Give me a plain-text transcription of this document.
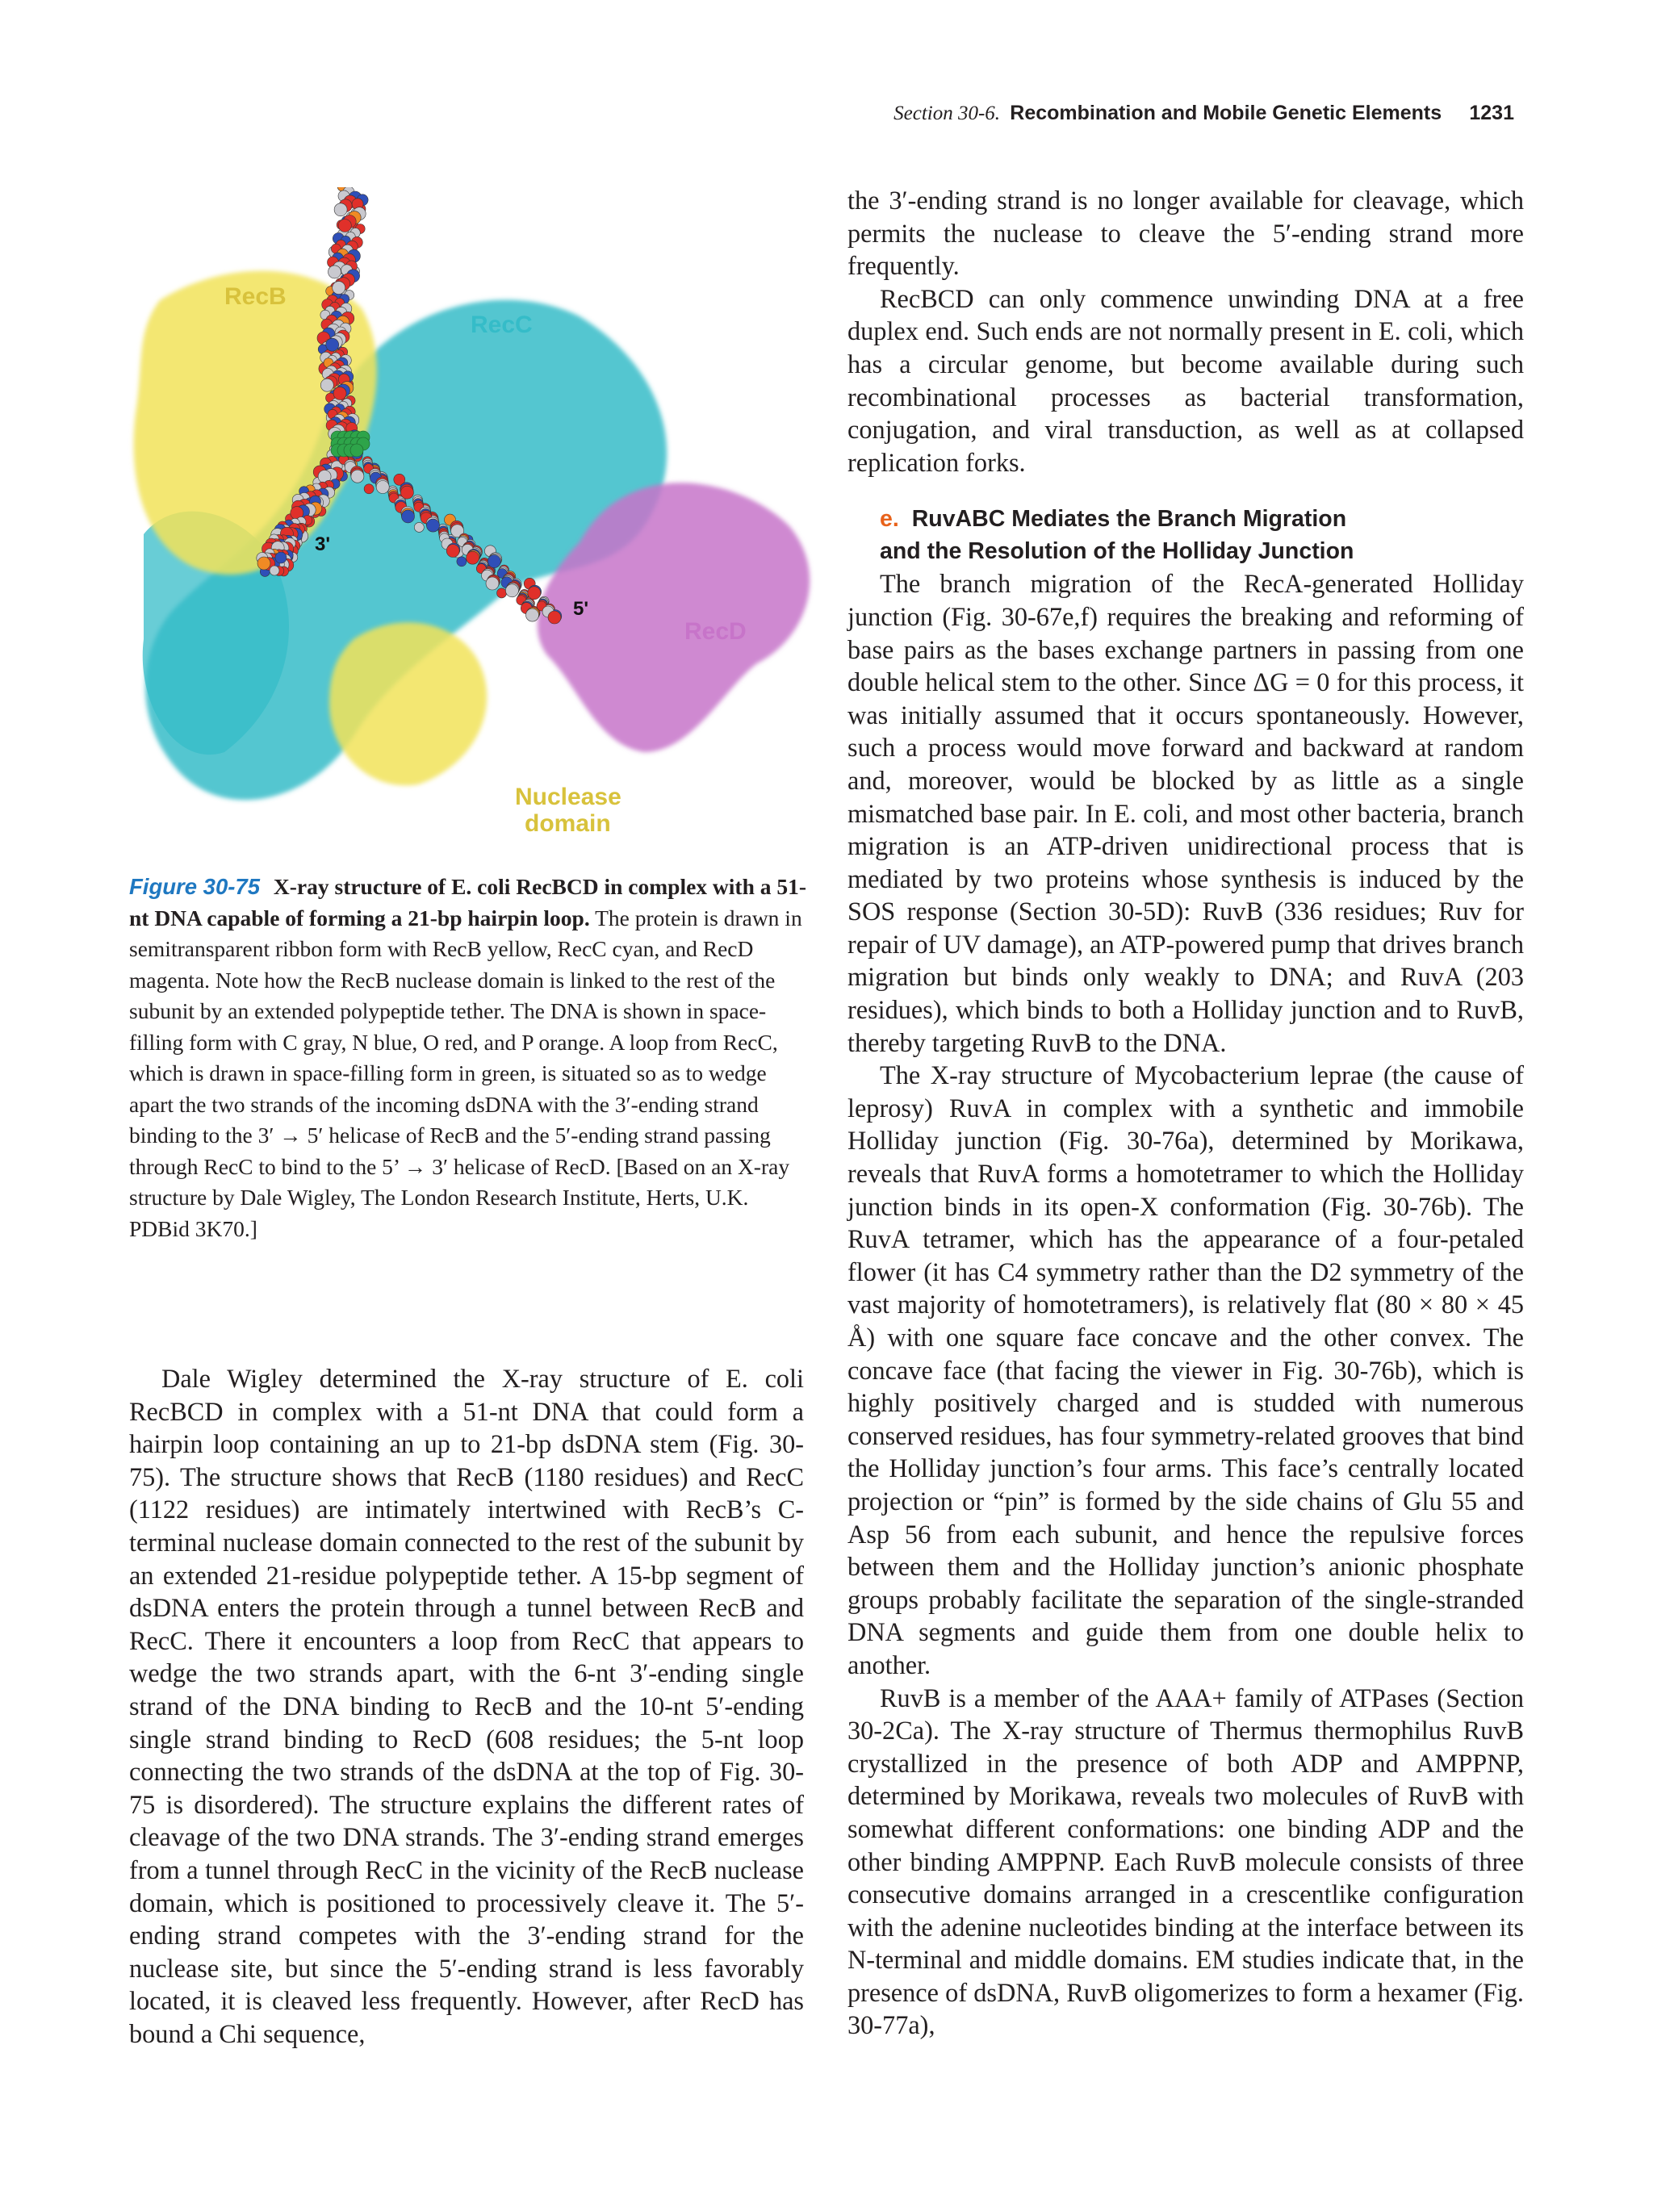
Section 30-6. Recombination and Mobile Genetic Elements 1231
RecB
RecC
RecD
Nuclease
domain
3'
5'

Figure 30-75 X-ray structure of E. coli RecBCD in complex with a 51-nt DNA capable of forming a 21-bp hairpin loop. The protein is drawn in semitransparent ribbon form with RecB yellow, RecC cyan, and RecD magenta. Note how the RecB nuclease domain is linked to the rest of the subunit by an extended polypeptide tether. The DNA is shown in space-filling form with C gray, N blue, O red, and P orange. A loop from RecC, which is drawn in space-filling form in green, is situated so as to wedge apart the two strands of the incoming dsDNA with the 3′-ending strand binding to the 3′ → 5′ helicase of RecB and the 5′-ending strand passing through RecC to bind to the 5’ → 3′ helicase of RecD. [Based on an X-ray structure by Dale Wigley, The London Research Institute, Herts, U.K. PDBid 3K70.]

Dale Wigley determined the X-ray structure of E. coli RecBCD in complex with a 51-nt DNA that could form a hairpin loop containing an up to 21-bp dsDNA stem (Fig. 30-75). The structure shows that RecB (1180 residues) and RecC (1122 residues) are intimately intertwined with RecB’s C-terminal nuclease domain connected to the rest of the subunit by an extended 21-residue polypeptide tether. A 15-bp segment of dsDNA enters the protein through a tunnel between RecB and RecC. There it encounters a loop from RecC that appears to wedge the two strands apart, with the 6-nt 3′-ending single strand of the DNA binding to RecB and the 10-nt 5′-ending single strand binding to RecD (608 residues; the 5-nt loop connecting the two strands of the dsDNA at the top of Fig. 30-75 is disordered). The structure explains the different rates of cleavage of the two DNA strands. The 3′-ending strand emerges from a tunnel through RecC in the vicinity of the RecB nuclease domain, which is positioned to processively cleave it. The 5′-ending strand competes with the 3′-ending strand for the nuclease site, but since the 5′-ending strand is less favorably located, it is cleaved less frequently. However, after RecD has bound a Chi sequence,

the 3′-ending strand is no longer available for cleavage, which permits the nuclease to cleave the 5′-ending strand more frequently.

RecBCD can only commence unwinding DNA at a free duplex end. Such ends are not normally present in E. coli, which has a circular genome, but become available during such recombinational processes as bacterial transformation, conjugation, and viral transduction, as well as at collapsed replication forks.

e. RuvABC Mediates the Branch Migration
and the Resolution of the Holliday Junction

The branch migration of the RecA-generated Holliday junction (Fig. 30-67e,f) requires the breaking and reforming of base pairs as the bases exchange partners in passing from one double helical stem to the other. Since ΔG = 0 for this process, it was initially assumed that it occurs spontaneously. However, such a process would move forward and backward at random and, moreover, would be blocked by as little as a single mismatched base pair. In E. coli, and most other bacteria, branch migration is an ATP-driven unidirectional process that is mediated by two proteins whose synthesis is induced by the SOS response (Section 30-5D): RuvB (336 residues; Ruv for repair of UV damage), an ATP-powered pump that drives branch migration but binds only weakly to DNA; and RuvA (203 residues), which binds to both a Holliday junction and to RuvB, thereby targeting RuvB to the DNA.

The X-ray structure of Mycobacterium leprae (the cause of leprosy) RuvA in complex with a synthetic and immobile Holliday junction (Fig. 30-76a), determined by Morikawa, reveals that RuvA forms a homotetramer to which the Holliday junction binds in its open-X conformation (Fig. 30-76b). The RuvA tetramer, which has the appearance of a four-petaled flower (it has C4 symmetry rather than the D2 symmetry of the vast majority of homotetramers), is relatively flat (80 × 80 × 45 Å) with one square face concave and the other convex. The concave face (that facing the viewer in Fig. 30-76b), which is highly positively charged and is studded with numerous conserved residues, has four symmetry-related grooves that bind the Holliday junction’s four arms. This face’s centrally located projection or “pin” is formed by the side chains of Glu 55 and Asp 56 from each subunit, and hence the repulsive forces between them and the Holliday junction’s anionic phosphate groups probably facilitate the separation of the single-stranded DNA segments and guide them from one double helix to another.

RuvB is a member of the AAA+ family of ATPases (Section 30-2Ca). The X-ray structure of Thermus thermophilus RuvB crystallized in the presence of both ADP and AMPPNP, determined by Morikawa, reveals two molecules of RuvB with somewhat different conformations: one binding ADP and the other binding AMPPNP. Each RuvB molecule consists of three consecutive domains arranged in a crescentlike configuration with the adenine nucleotides binding at the interface between its N-terminal and middle domains. EM studies indicate that, in the presence of dsDNA, RuvB oligomerizes to form a hexamer (Fig. 30-77a),
